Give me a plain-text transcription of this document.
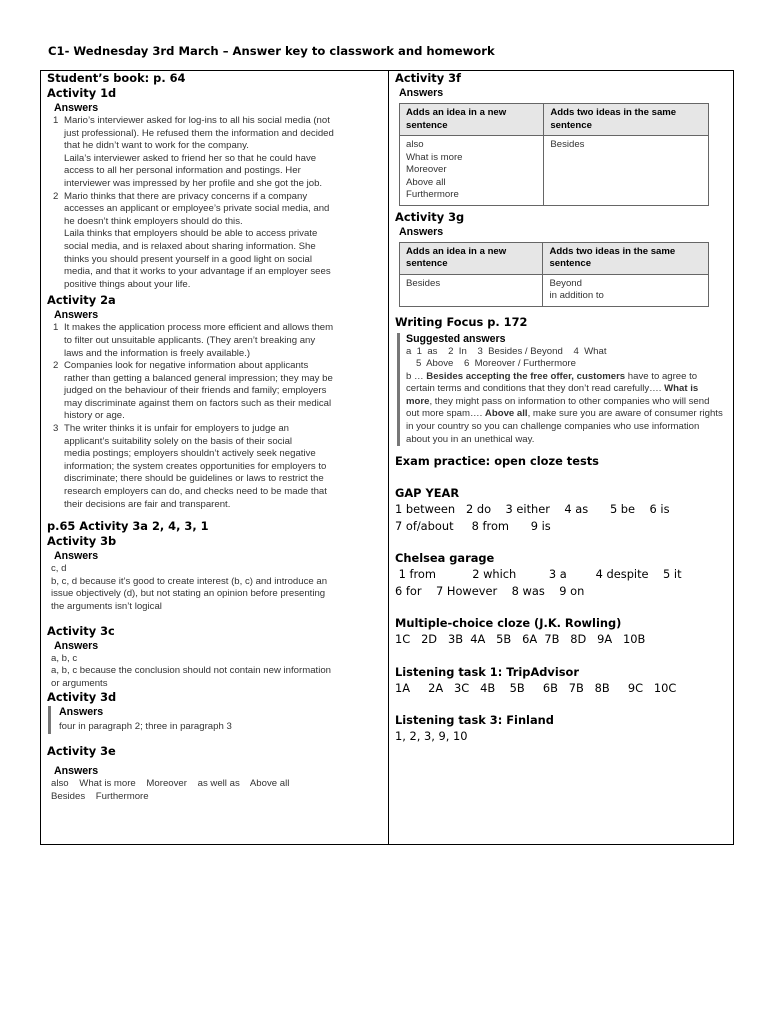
C1- Wednesday 3rd March – Answer key to classwork and homework
Student’s book: p. 64
Activity 1d
Answers
1 Mario’s interviewer asked for log-ins to all his social media (not
just professional). He refused them the information and decided
that he didn’t want to work for the company.
Laila’s interviewer asked to friend her so that he could have
access to all her personal information and postings. Her
interviewer was impressed by her profile and she got the job.
2 Mario thinks that there are privacy concerns if a company
accesses an applicant or employee’s private social media, and
he doesn’t think employers should do this.
Laila thinks that employers should be able to access private
social media, and is relaxed about sharing information. She
thinks you should present yourself in a good light on social
media, and that it works to your advantage if an employer sees
positive things about your life.
Activity 2a
Answers
1 It makes the application process more efficient and allows them
to filter out unsuitable applicants. (They aren’t breaking any
laws and the information is freely available.)
2 Companies look for negative information about applicants
rather than getting a balanced general impression; they may be
judged on the behaviour of their friends and family; employers
may discriminate against them on factors such as their medical
history or age.
3 The writer thinks it is unfair for employers to judge an
applicant’s suitability solely on the basis of their social
media postings; employers shouldn’t actively seek negative
information; the system creates opportunities for employers to
discriminate; there should be guidelines or laws to restrict the
research employers can do, and checks need to be made that
their decisions are fair and transparent.
p.65 Activity 3a 2, 4, 3, 1
Activity 3b
Answers

c, d

b, c, d because it’s good to create interest (b, c) and introduce an

issue objectively (d), but not stating an opinion before presenting

the arguments isn’t logical

Activity 3c
Answers

a, b, c

a, b, c because the conclusion should not contain new information

or arguments

Activity 3d
Answers
four in paragraph 2; three in paragraph 3
Activity 3e
Answers

also    What is more    Moreover    as well as    Above all

Besides    Furthermore

Activity 3f
Answers
Adds an idea in a new sentence	Adds two ideas in the same sentence

also

What is more

Moreover

Above all

Furthermore	Besides

Activity 3g
Answers
Adds an idea in a new sentence	Adds two ideas in the same sentence

Besides	Beyond

in addition to

Writing Focus p. 172
Suggested answers
a  1  as    2  In    3  Besides / Beyond    4  What
5  Above    6  Moreover / Furthermore
b … Besides accepting the free offer, customers have to agree to certain terms and conditions that they don’t read carefully…. What is more, they might pass on information to other companies who will send out more spam…. Above all, make sure you are aware of consumer rights in your country so you can challenge companies who use information about you in an unethical way.
Exam practice: open cloze tests
GAP YEAR
1 between   2 do    3 either    4 as      5 be    6 is
7 of/about     8 from      9 is
Chelsea garage
1 from          2 which         3 a        4 despite    5 it
6 for    7 However    8 was    9 on
Multiple-choice cloze (J.K. Rowling)
1C   2D   3B  4A   5B   6A  7B   8D   9A   10B
Listening task 1: TripAdvisor
1A     2A   3C   4B    5B     6B   7B   8B     9C   10C
Listening task 3: Finland
1, 2, 3, 9, 10
